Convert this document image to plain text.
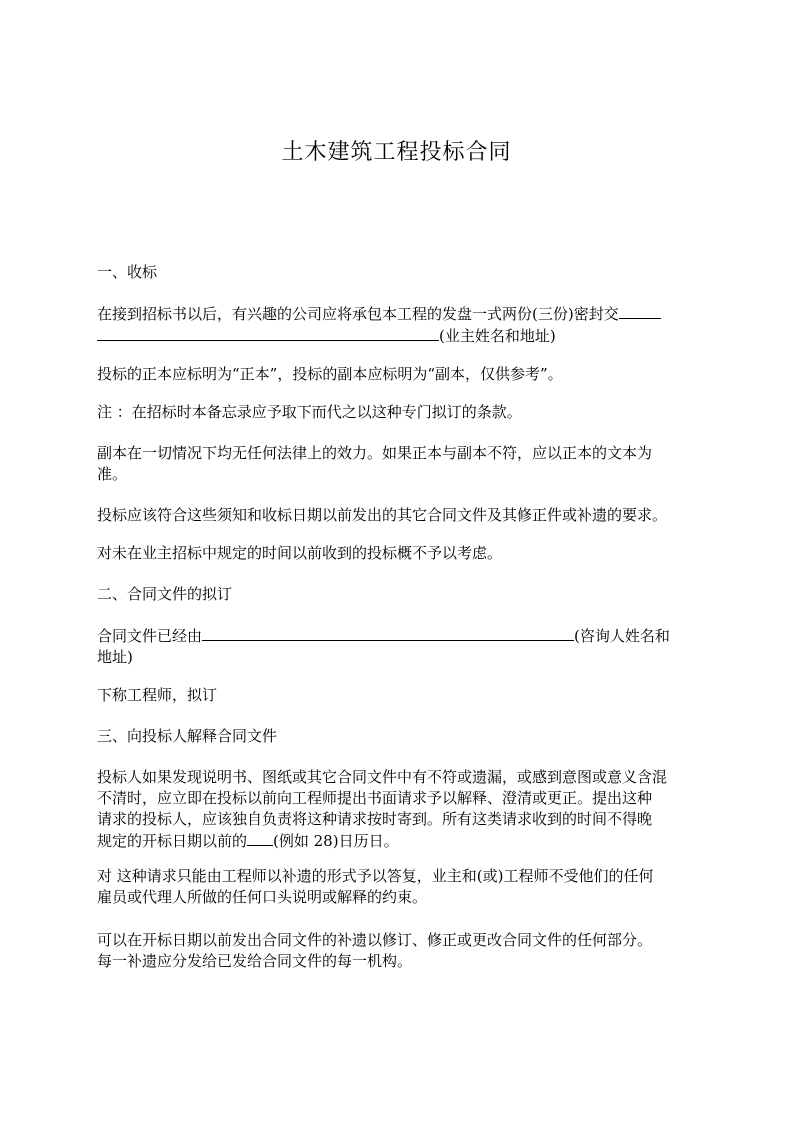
土木建筑工程投标合同

一、收标

在接到招标书以后，有兴趣的公司应将承包本工程的发盘一式两份(三份)密封交
(业主姓名和地址)

投标的正本应标明为“正本”，投标的副本应标明为“副本，仅供参考”。

注 ：在招标时本备忘录应予取下而代之以这种专门拟订的条款。

副本在一切情况下均无任何法律上的效力。如果正本与副本不符，应以正本的文本为
准。

投标应该符合这些须知和收标日期以前发出的其它合同文件及其修正件或补遗的要求。

对未在业主招标中规定的时间以前收到的投标概不予以考虑。

二、合同文件的拟订

合同文件已经由	(咨询人姓名和
地址)

下称工程师，拟订

三、向投标人解释合同文件

投标人如果发现说明书、图纸或其它合同文件中有不符或遗漏，或感到意图或意义含混
不清时，应立即在投标以前向工程师提出书面请求予以解释、澄清或更正。提出这种
请求的投标人，应该独自负责将这种请求按时寄到。所有这类请求收到的时间不得晚
规定的开标日期以前的 (例如 28)日历日。

对 这种请求只能由工程师以补遗的形式予以答复，业主和(或)工程师不受他们的任何
雇员或代理人所做的任何口头说明或解释的约束。

可以在开标日期以前发出合同文件的补遗以修订、修正或更改合同文件的任何部分。
每一补遗应分发给已发给合同文件的每一机构。
